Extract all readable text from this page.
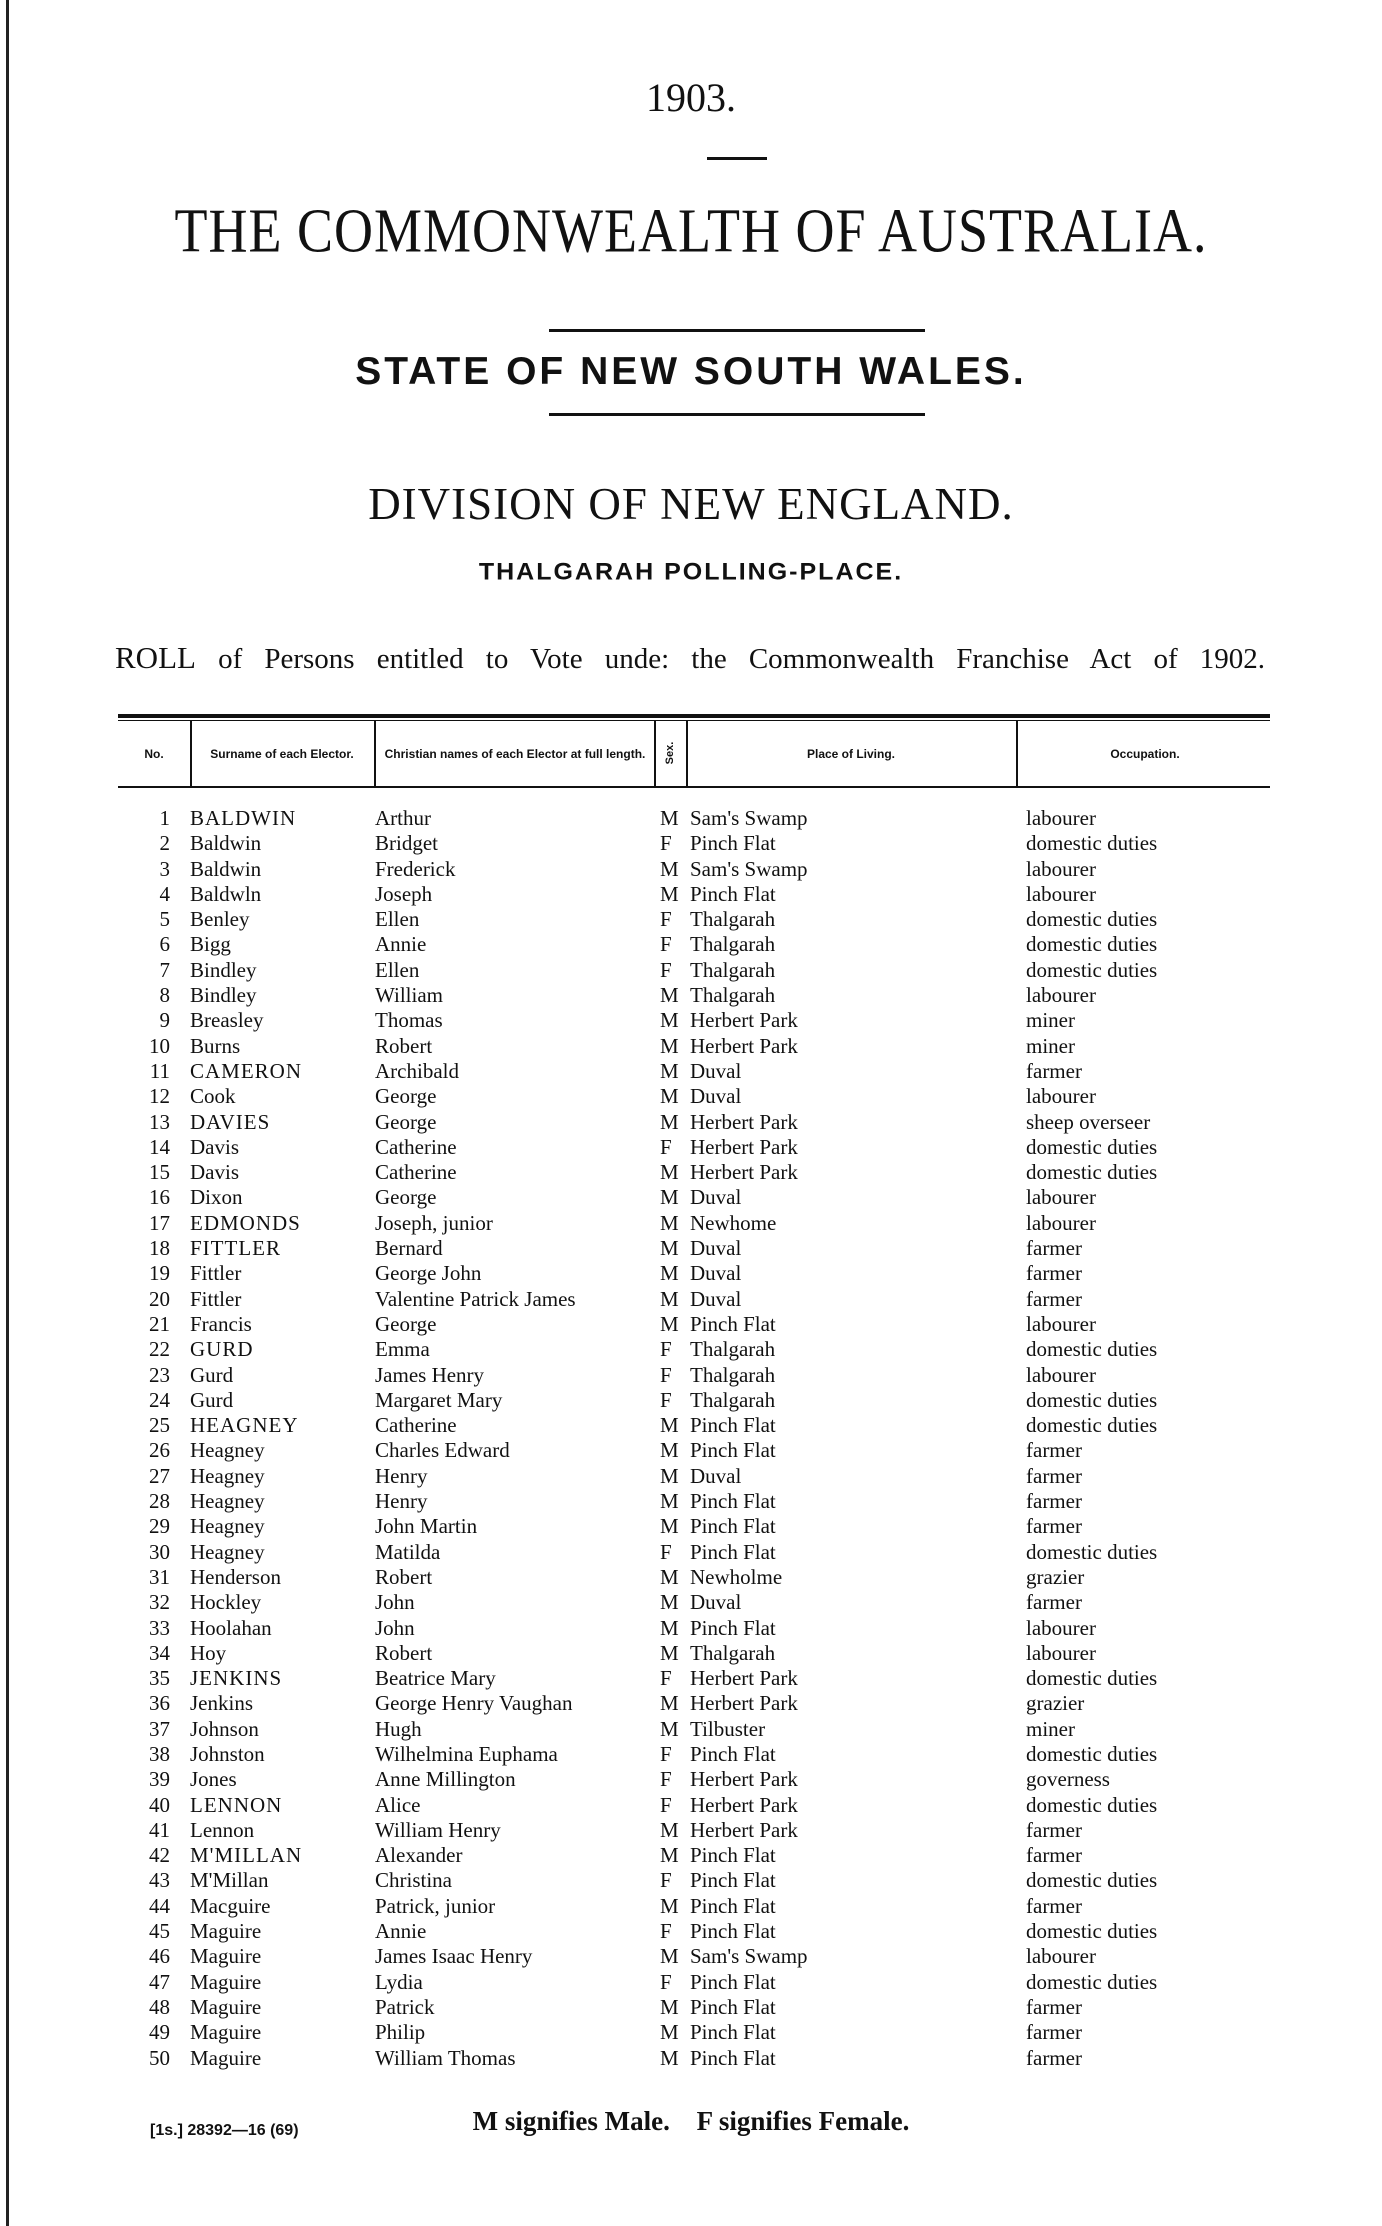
1903.
THE COMMONWEALTH OF AUSTRALIA.
STATE OF NEW SOUTH WALES.
DIVISION OF NEW ENGLAND.
THALGARAH POLLING-PLACE.
ROLL of Persons entitled to Vote unde: the Commonwealth Franchise Act of 1902.
No.	Surname of each Elector.	Christian names of each Elector at full length. Sex.	Place of Living.	Occupation.
1 BALDWIN	Arthur	M Sam's Swamp	labourer
2 Baldwin	Bridget	F Pinch Flat	domestic duties
3 Baldwin	Frederick	M Sam's Swamp	labourer
4 Baldwln	Joseph	M Pinch Flat	labourer
5 Benley	Ellen	F Thalgarah	domestic duties
6 Bigg	Annie	F Thalgarah	domestic duties
7 Bindley	Ellen	F Thalgarah	domestic duties
8 Bindley	William	M Thalgarah	labourer
9 Breasley	Thomas	M Herbert Park	miner
10 Burns	Robert	M Herbert Park	miner
11 CAMERON	Archibald	M Duval	farmer
12 Cook	George	M Duval	labourer
13 DAVIES	George	M Herbert Park	sheep overseer
14 Davis	Catherine	F Herbert Park	domestic duties
15 Davis	Catherine	M Herbert Park	domestic duties
16 Dixon	George	M Duval	labourer
17 EDMONDS	Joseph, junior	M Newhome	labourer
18 FITTLER	Bernard	M Duval	farmer
19 Fittler	George John	M Duval	farmer
20 Fittler	Valentine Patrick James	M Duval	farmer
21 Francis	George	M Pinch Flat	labourer
22 GURD	Emma	F Thalgarah	domestic duties
23 Gurd	James Henry	F Thalgarah	labourer
24 Gurd	Margaret Mary	F Thalgarah	domestic duties
25 HEAGNEY	Catherine	M Pinch Flat	domestic duties
26 Heagney	Charles Edward	M Pinch Flat	farmer
27 Heagney	Henry	M Duval	farmer
28 Heagney	Henry	M Pinch Flat	farmer
29 Heagney	John Martin	M Pinch Flat	farmer
30 Heagney	Matilda	F Pinch Flat	domestic duties
31 Henderson	Robert	M Newholme	grazier
32 Hockley	John	M Duval	farmer
33 Hoolahan	John	M Pinch Flat	labourer
34 Hoy	Robert	M Thalgarah	labourer
35 JENKINS	Beatrice Mary	F Herbert Park	domestic duties
36 Jenkins	George Henry Vaughan	M Herbert Park	grazier
37 Johnson	Hugh	M Tilbuster	miner
38 Johnston	Wilhelmina Euphama	F Pinch Flat	domestic duties
39 Jones	Anne Millington	F Herbert Park	governess
40 LENNON	Alice	F Herbert Park	domestic duties
41 Lennon	William Henry	M Herbert Park	farmer
42 M'MILLAN	Alexander	M Pinch Flat	farmer
43 M'Millan	Christina	F Pinch Flat	domestic duties
44 Macguire	Patrick, junior	M Pinch Flat	farmer
45 Maguire	Annie	F Pinch Flat	domestic duties
46 Maguire	James Isaac Henry	M Sam's Swamp	labourer
47 Maguire	Lydia	F Pinch Flat	domestic duties
48 Maguire	Patrick	M Pinch Flat	farmer
49 Maguire	Philip	M Pinch Flat	farmer
50 Maguire	William Thomas	M Pinch Flat	farmer
[1s.] 28392—16 (69)	M signifies Male. F signifies Female.
